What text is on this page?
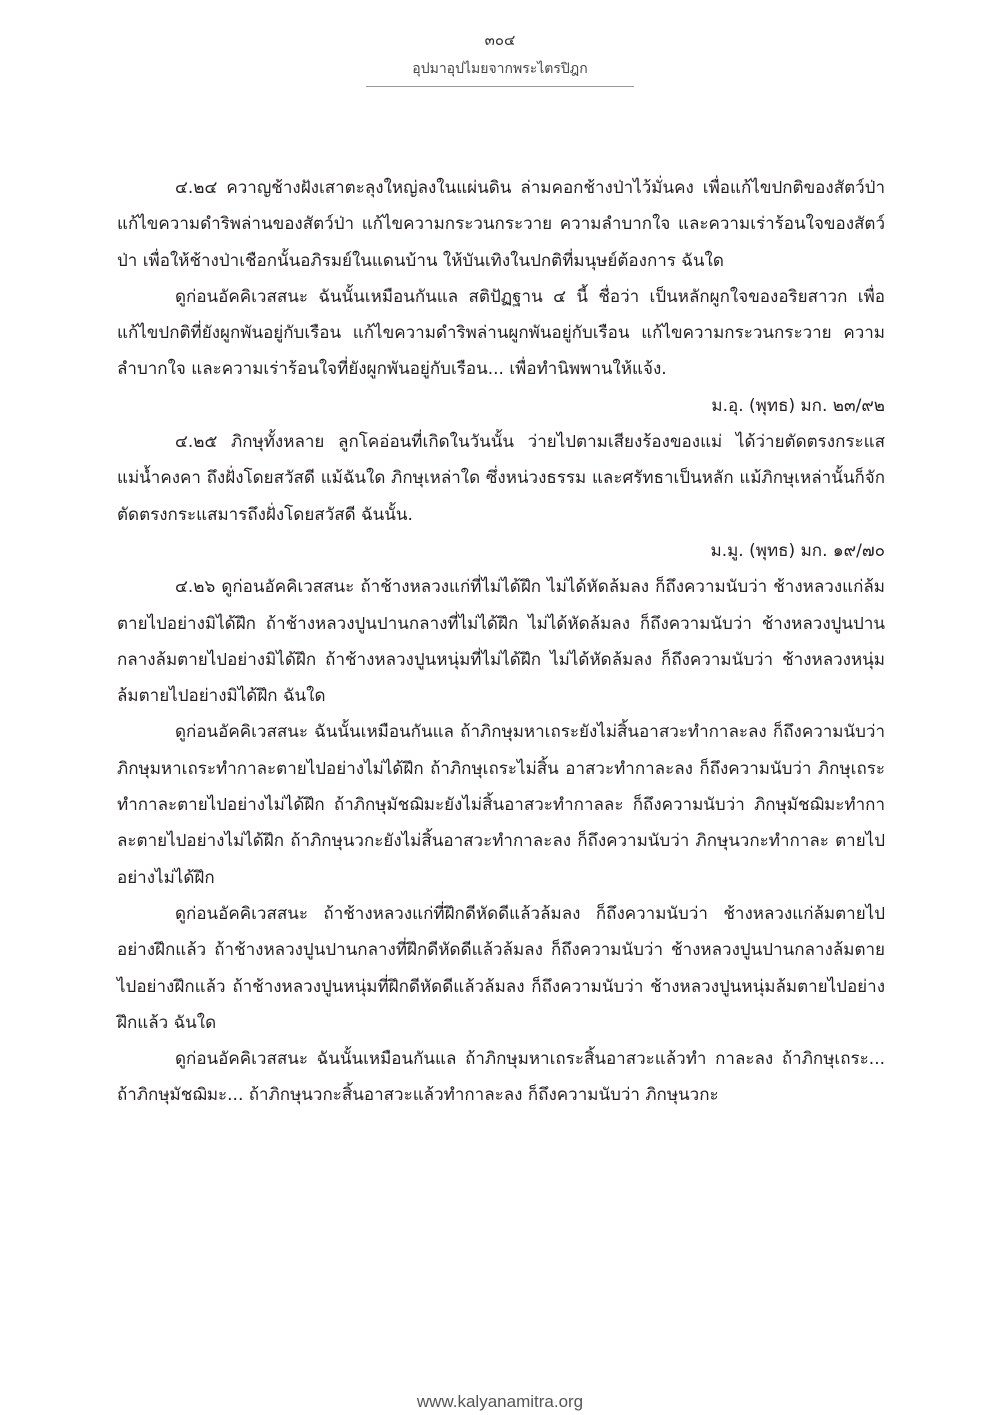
๓๐๔
อุปมาอุปไมยจากพระไตรปิฎก

๔.๒๔ ควาญช้างฝังเสาตะลุงใหญ่ลงในแผ่นดิน ล่ามคอกช้างป่าไว้มั่นคง เพื่อแก้ไขปกติของสัตว์ป่า แก้ไขความดำริพล่านของสัตว์ป่า แก้ไขความกระวนกระวาย ความลำบากใจ และความเร่าร้อนใจของสัตว์ป่า เพื่อให้ช้างป่าเชือกนั้นอภิรมย์ในแดนบ้าน ให้บันเทิงในปกติที่มนุษย์ต้องการ ฉันใด

ดูก่อนอัคคิเวสสนะ ฉันนั้นเหมือนกันแล สติปัฏฐาน ๔ นี้ ชื่อว่า เป็นหลักผูกใจของอริยสาวก เพื่อแก้ไขปกติที่ยังผูกพันอยู่กับเรือน แก้ไขความดำริพล่านผูกพันอยู่กับเรือน แก้ไขความกระวนกระวาย ความลำบากใจ และความเร่าร้อนใจที่ยังผูกพันอยู่กับเรือน... เพื่อทำนิพพานให้แจ้ง.

ม.อุ. (พุทธ) มก. ๒๓/๙๒

๔.๒๕ ภิกษุทั้งหลาย ลูกโคอ่อนที่เกิดในวันนั้น ว่ายไปตามเสียงร้องของแม่ ได้ว่ายตัดตรงกระแสแม่น้ำคงคา ถึงฝั่งโดยสวัสดี แม้ฉันใด ภิกษุเหล่าใด ซึ่งหน่วงธรรม และศรัทธาเป็นหลัก แม้ภิกษุเหล่านั้นก็จักตัดตรงกระแสมารถึงฝั่งโดยสวัสดี ฉันนั้น.

ม.มู. (พุทธ) มก. ๑๙/๗๐

๔.๒๖ ดูก่อนอัคคิเวสสนะ ถ้าช้างหลวงแก่ที่ไม่ได้ฝึก ไม่ได้หัดล้มลง ก็ถึงความนับว่า ช้างหลวงแก่ล้มตายไปอย่างมิได้ฝึก ถ้าช้างหลวงปูนปานกลางที่ไม่ได้ฝึก ไม่ได้หัดล้มลง ก็ถึงความนับว่า ช้างหลวงปูนปานกลางล้มตายไปอย่างมิได้ฝึก ถ้าช้างหลวงปูนหนุ่มที่ไม่ได้ฝึก ไม่ได้หัดล้มลง ก็ถึงความนับว่า ช้างหลวงหนุ่มล้มตายไปอย่างมิได้ฝึก ฉันใด

ดูก่อนอัคคิเวสสนะ ฉันนั้นเหมือนกันแล ถ้าภิกษุมหาเถระยังไม่สิ้นอาสวะทำกาละลง ก็ถึงความนับว่า ภิกษุมหาเถระทำกาละตายไปอย่างไม่ได้ฝึก ถ้าภิกษุเถระไม่สิ้น อาสวะทำกาละลง ก็ถึงความนับว่า ภิกษุเถระทำกาละตายไปอย่างไม่ได้ฝึก ถ้าภิกษุมัชฌิมะยังไม่สิ้นอาสวะทำกาลละ ก็ถึงความนับว่า ภิกษุมัชฌิมะทำกาละตายไปอย่างไม่ได้ฝึก ถ้าภิกษุนวกะยังไม่สิ้นอาสวะทำกาละลง ก็ถึงความนับว่า ภิกษุนวกะทำกาละ ตายไปอย่างไม่ได้ฝึก

ดูก่อนอัคคิเวสสนะ ถ้าช้างหลวงแก่ที่ฝึกดีหัดดีแล้วล้มลง ก็ถึงความนับว่า ช้างหลวงแก่ล้มตายไปอย่างฝึกแล้ว ถ้าช้างหลวงปูนปานกลางที่ฝึกดีหัดดีแล้วล้มลง ก็ถึงความนับว่า ช้างหลวงปูนปานกลางล้มตายไปอย่างฝึกแล้ว ถ้าช้างหลวงปูนหนุ่มที่ฝึกดีหัดดีแล้วล้มลง ก็ถึงความนับว่า ช้างหลวงปูนหนุ่มล้มตายไปอย่างฝึกแล้ว ฉันใด

ดูก่อนอัคคิเวสสนะ ฉันนั้นเหมือนกันแล ถ้าภิกษุมหาเถระสิ้นอาสวะแล้วทำ กาละลง ถ้าภิกษุเถระ... ถ้าภิกษุมัชฌิมะ... ถ้าภิกษุนวกะสิ้นอาสวะแล้วทำกาละลง ก็ถึงความนับว่า ภิกษุนวกะ

www.kalyanamitra.org
